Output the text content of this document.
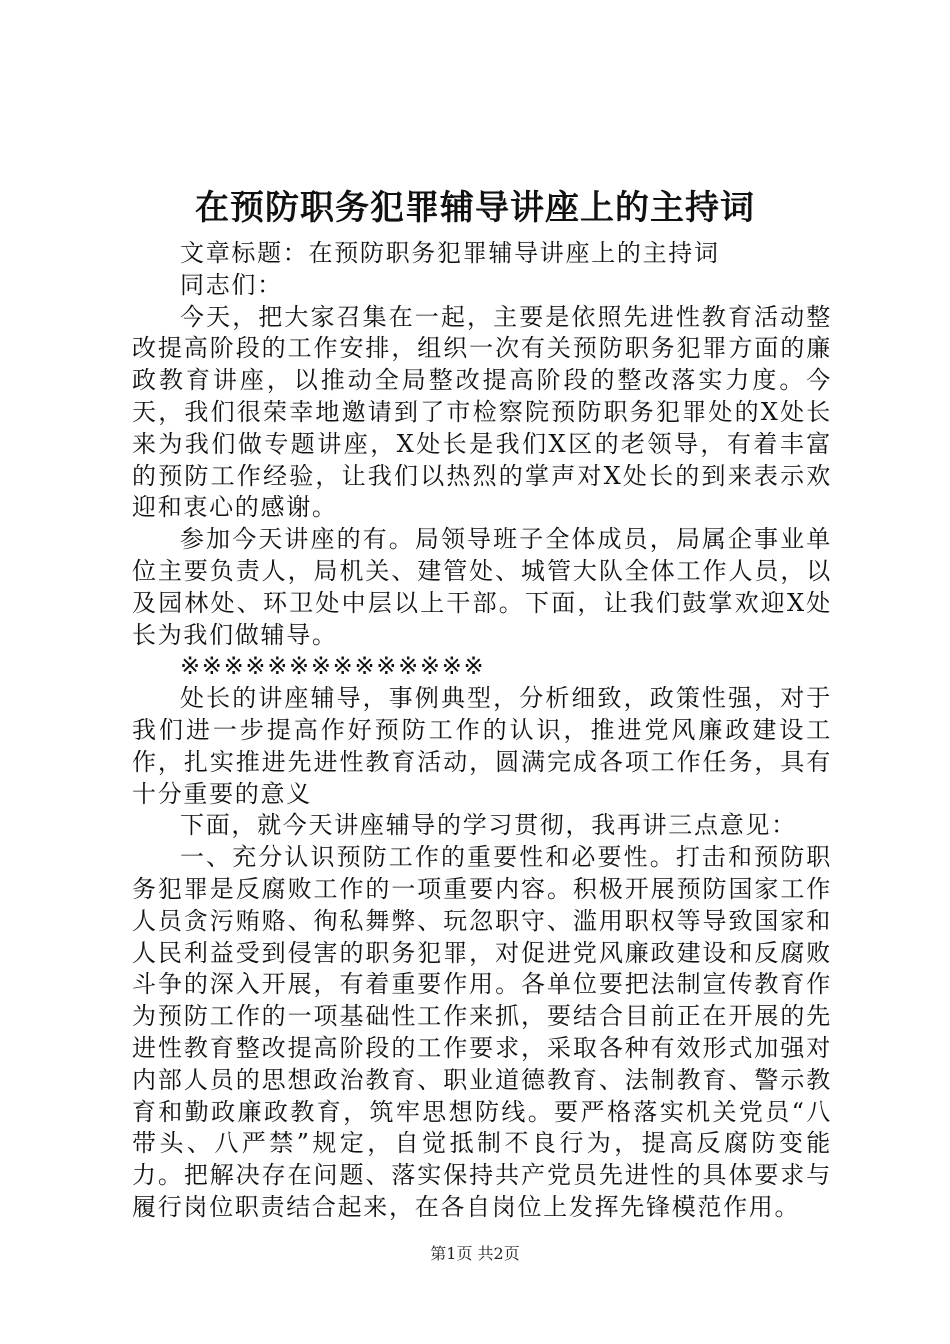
在预防职务犯罪辅导讲座上的主持词

文章标题：在预防职务犯罪辅导讲座上的主持词

同志们：

今天，把大家召集在一起，主要是依照先进性教育活动整改提高阶段的工作安排，组织一次有关预防职务犯罪方面的廉政教育讲座，以推动全局整改提高阶段的整改落实力度。今天，我们很荣幸地邀请到了市检察院预防职务犯罪处的X处长来为我们做专题讲座，X处长是我们X区的老领导，有着丰富的预防工作经验，让我们以热烈的掌声对X处长的到来表示欢迎和衷心的感谢。

参加今天讲座的有。局领导班子全体成员，局属企事业单位主要负责人，局机关、建管处、城管大队全体工作人员，以及园林处、环卫处中层以上干部。下面，让我们鼓掌欢迎X处长为我们做辅导。

※※※※※※※※※※※※※※

处长的讲座辅导，事例典型，分析细致，政策性强，对于我们进一步提高作好预防工作的认识，推进党风廉政建设工作，扎实推进先进性教育活动，圆满完成各项工作任务，具有十分重要的意义

下面，就今天讲座辅导的学习贯彻，我再讲三点意见：

一、充分认识预防工作的重要性和必要性。打击和预防职务犯罪是反腐败工作的一项重要内容。积极开展预防国家工作人员贪污贿赂、徇私舞弊、玩忽职守、滥用职权等导致国家和人民利益受到侵害的职务犯罪，对促进党风廉政建设和反腐败斗争的深入开展，有着重要作用。各单位要把法制宣传教育作为预防工作的一项基础性工作来抓，要结合目前正在开展的先进性教育整改提高阶段的工作要求，采取各种有效形式加强对内部人员的思想政治教育、职业道德教育、法制教育、警示教育和勤政廉政教育，筑牢思想防线。要严格落实机关党员“八带头、八严禁”规定，自觉抵制不良行为，提高反腐防变能力。把解决存在问题、落实保持共产党员先进性的具体要求与履行岗位职责结合起来，在各自岗位上发挥先锋模范作用。

第1页 共2页
